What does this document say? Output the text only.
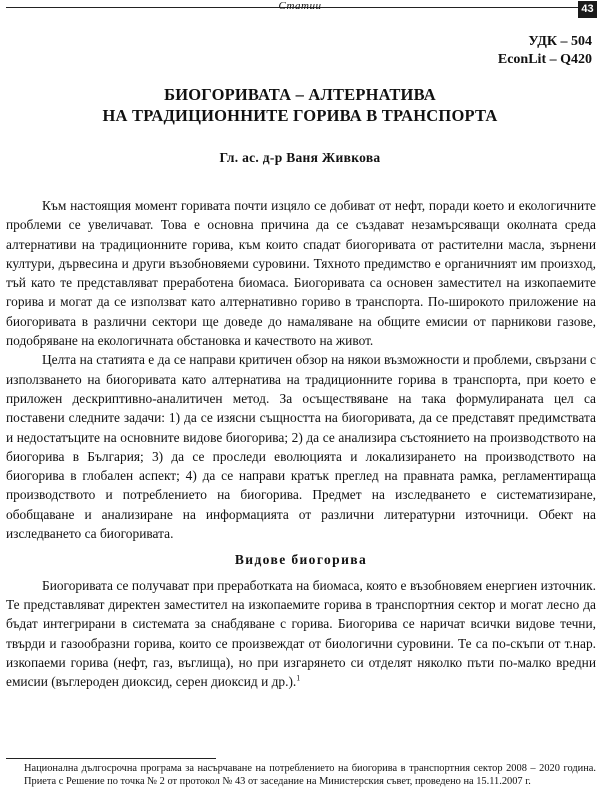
Статии	43
УДК – 504
EconLit – Q420
БИОГОРИВАТА – АЛТЕРНАТИВА
НА ТРАДИЦИОННИТЕ ГОРИВА В ТРАНСПОРТА
Гл. ас. д-р Ваня Живкова

Към настоящия момент горивата почти изцяло се добиват от нефт, поради което и екологичните проблеми се увеличават. Това е основна причина да се създават незамърсяващи околната среда алтернативи на традиционните горива, към които спадат биогоривата от растителни масла, зърнени култури, дървесина и други възобновяеми суровини. Тяхното предимство е органичният им произход, тъй като те представляват преработена биомаса. Биогоривата са основен заместител на изкопаемите горива и могат да се използват като алтернативно гориво в транспорта. По-широкото приложение на биогоривата в различни сектори ще доведе до намаляване на общите емисии от парникови газове, подобряване на екологичната обстановка и качеството на живот.

Целта на статията е да се направи критичен обзор на някои възможности и проблеми, свързани с използването на биогоривата като алтернатива на традиционните горива в транспорта, при което е приложен дескриптивно-аналитичен метод. За осъществяване на така формулираната цел са поставени следните задачи: 1) да се изясни същността на биогоривата, да се представят предимствата и недостатъците на основните видове биогорива; 2) да се анализира състоянието на производството на биогорива в България; 3) да се проследи еволюцията и локализирането на производството на биогорива в глобален аспект; 4) да се направи кратък преглед на правната рамка, регламентираща производството и потреблението на биогорива. Предмет на изследването е систематизиране, обобщаване и анализиране на информацията от различни литературни източници. Обект на изследването са биогоривата.

Видове биогорива

Биогоривата се получават при преработката на биомаса, която е възобновяем енергиен източник. Те представляват директен заместител на изкопаемите горива в транспортния сектор и могат лесно да бъдат интегрирани в системата за снабдяване с горива. Биогорива се наричат всички видове течни, твърди и газообразни горива, които се произвеждат от биологични суровини. Те са по-скъпи от т.нар. изкопаеми горива (нефт, газ, въглища), но при изгарянето си отделят няколко пъти по-малко вредни емисии (въглероден диоксид, серен диоксид и др.).$^1$

Национална дългосрочна програма за насърчаване на потреблението на биогорива в транспортния сектор 2008 – 2020 година. Приета с Решение по точка № 2 от протокол № 43 от заседание на Министерския съвет, проведено на 15.11.2007 г.
